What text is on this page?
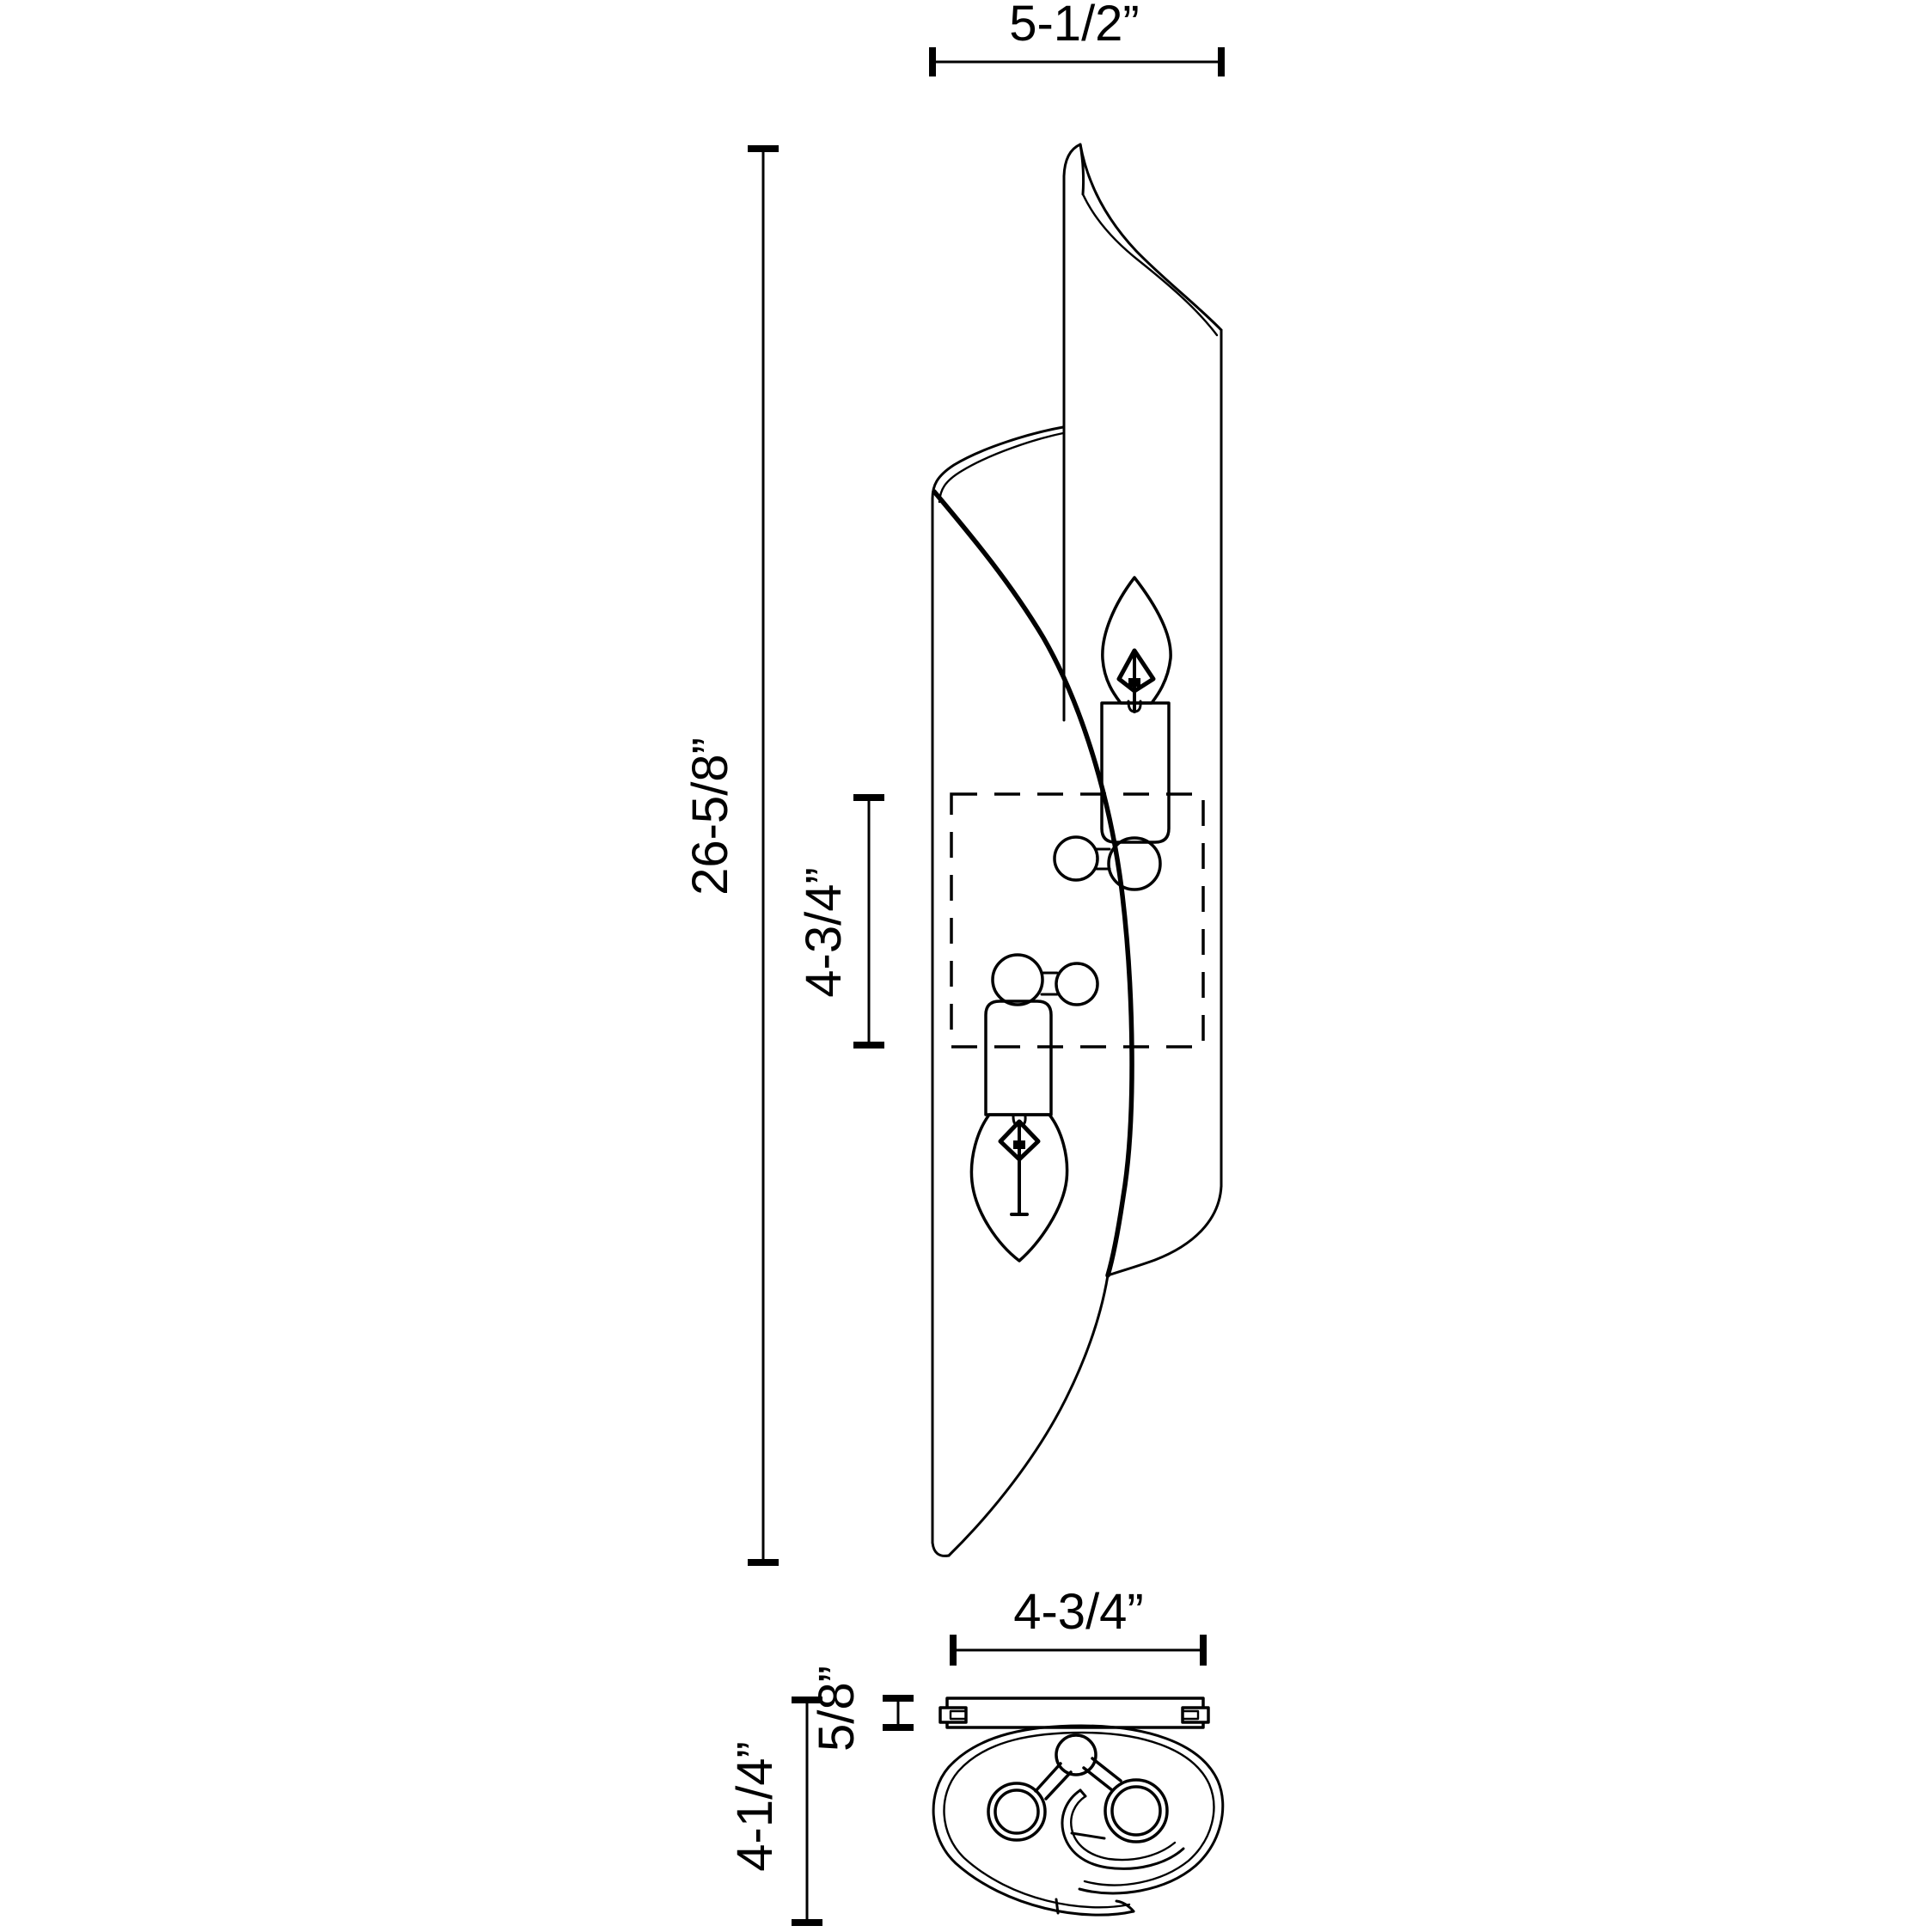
5-1/2”
26-5/8”
4-3/4”
4-3/4”
5/8”
4-1/4”
